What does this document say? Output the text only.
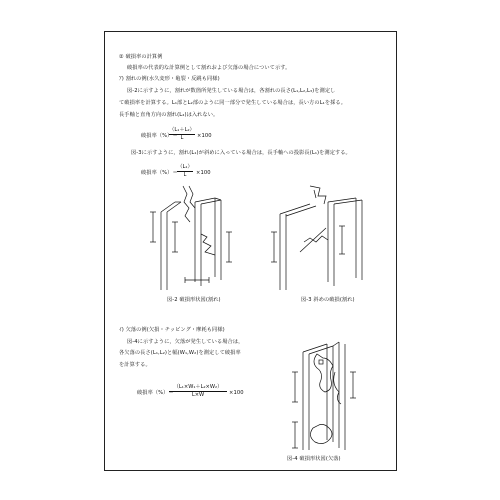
② 破損率の計算例
破損率の代表的な計算例として割れおよび欠落の場合について示す。
ｱ) 割れの例(水久変形・亀裂・反跳も同様)
図-2に示すように，割れが数箇所発生している場合は，各割れの長さ(L₁,L₂,L₃)を測定し
て破損率を計算する。L₁部とL₂部のように同一部分で発生している場合は，長い方のL₁を採る。
長手軸と直角方向の割れ(L₄)は入れない。
破損率（%）＝
（L₁＋L₂）
L	×100
図-3に示すように，割れ(L₁)が斜めに入っている場合は，長手軸への投影長(L₁)を測定する。
破損率（%）＝
（L₁）
L	×100
図-2 破損形状図(割れ)	図-3 斜めの破損(割れ)
ｲ) 欠落の例(欠損・チッピング・摩耗も同様)
図-4に示すように，欠落が発生している場合は，
各欠落の長さ(L₁,L₂)と幅(W₁,W₂)を測定して破損率
を計算する。
破損率（%）＝
（L₁×W₁＋L₂×W₂）
L×W	×100
図-4 破損形状図(欠落)
